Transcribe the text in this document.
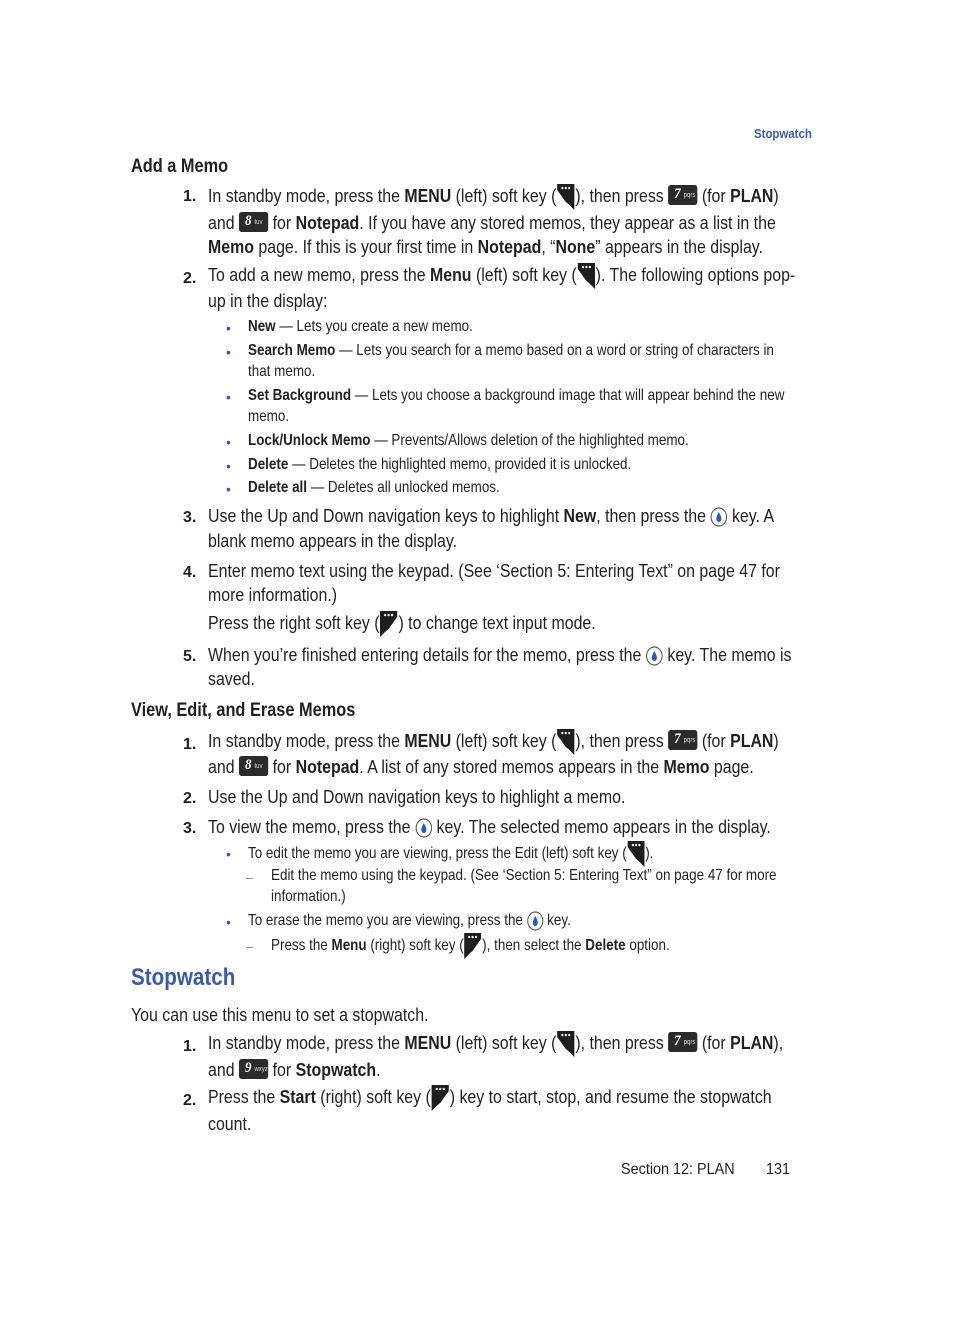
Stopwatch
Add a Memo
1. In standby mode, press the MENU (left) soft key ( ), then press 7 pqrs (for PLAN)
and 8 tuv for Notepad. If you have any stored memos, they appear as a list in the
Memo page. If this is your first time in Notepad, “None” appears in the display.
2. To add a new memo, press the Menu (left) soft key ( ). The following options pop-
up in the display:
• New — Lets you create a new memo.
• Search Memo — Lets you search for a memo based on a word or string of characters in
that memo.
• Set Background — Lets you choose a background image that will appear behind the new
memo.
• Lock/Unlock Memo — Prevents/Allows deletion of the highlighted memo.
• Delete — Deletes the highlighted memo, provided it is unlocked.
• Delete all — Deletes all unlocked memos.
3. Use the Up and Down navigation keys to highlight New, then press the  key. A
blank memo appears in the display.
4. Enter memo text using the keypad. (See ‘Section 5: Entering Text” on page 47 for
more information.)
Press the right soft key ( ) to change text input mode.
5. When you’re finished entering details for the memo, press the  key. The memo is
saved.
View, Edit, and Erase Memos
1. In standby mode, press the MENU (left) soft key ( ), then press 7 pqrs (for PLAN)
and 8 tuv for Notepad. A list of any stored memos appears in the Memo page.
2. Use the Up and Down navigation keys to highlight a memo.
3. To view the memo, press the  key. The selected memo appears in the display.
• To edit the memo you are viewing, press the Edit (left) soft key ( ).
– Edit the memo using the keypad. (See ‘Section 5: Entering Text” on page 47 for more
information.)
• To erase the memo you are viewing, press the  key.
– Press the Menu (right) soft key ( ), then select the Delete option.
Stopwatch
You can use this menu to set a stopwatch.
1. In standby mode, press the MENU (left) soft key ( ), then press 7 pqrs (for PLAN),
and 9 wxyz for Stopwatch.
2. Press the Start (right) soft key ( ) key to start, stop, and resume the stopwatch
count.
Section 12: PLAN 131
